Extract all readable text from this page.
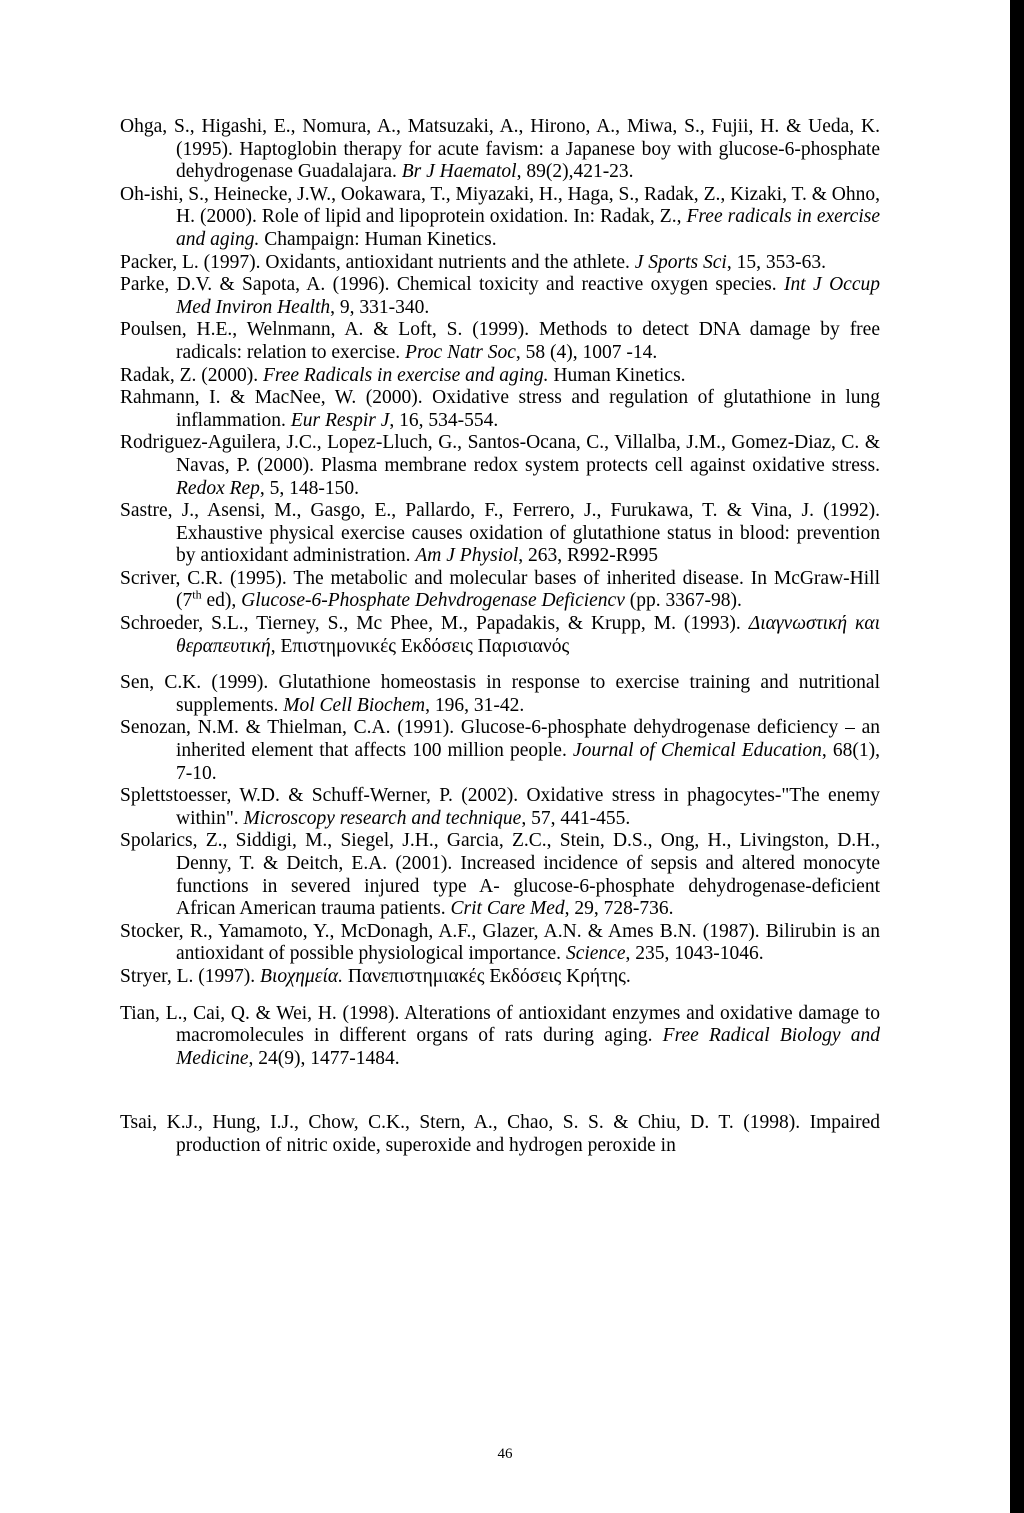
Ohga, S., Higashi, E., Nomura, A., Matsuzaki, A., Hirono, A., Miwa, S., Fujii, H. & Ueda, K. (1995). Haptoglobin therapy for acute favism: a Japanese boy with glucose-6-phosphate dehydrogenase Guadalajara. Br J Haematol, 89(2),421-23.

Oh-ishi, S., Heinecke, J.W., Ookawara, T., Miyazaki, H., Haga, S., Radak, Z., Kizaki, T. & Ohno, H. (2000). Role of lipid and lipoprotein oxidation. In: Radak, Z., Free radicals in exercise and aging. Champaign: Human Kinetics.

Packer, L. (1997). Oxidants, antioxidant nutrients and the athlete. J Sports Sci, 15, 353-63.

Parke, D.V. & Sapota, A. (1996). Chemical toxicity and reactive oxygen species. Int J Occup Med Inviron Health, 9, 331-340.

Poulsen, H.E., Welnmann, A. & Loft, S. (1999). Methods to detect DNA damage by free radicals: relation to exercise. Proc Natr Soc, 58 (4), 1007 -14.

Radak, Z. (2000). Free Radicals in exercise and aging. Human Kinetics.

Rahmann, I. & MacNee, W. (2000). Oxidative stress and regulation of glutathione in lung inflammation. Eur Respir J, 16, 534-554.

Rodriguez-Aguilera, J.C., Lopez-Lluch, G., Santos-Ocana, C., Villalba, J.M., Gomez-Diaz, C. & Navas, P. (2000). Plasma membrane redox system protects cell against oxidative stress. Redox Rep, 5, 148-150.

Sastre, J., Asensi, M., Gasgo, E., Pallardo, F., Ferrero, J., Furukawa, T. & Vina, J. (1992). Exhaustive physical exercise causes oxidation of glutathione status in blood: prevention by antioxidant administration. Am J Physiol, 263, R992-R995

Scriver, C.R. (1995). The metabolic and molecular bases of inherited disease. In McGraw-Hill (7th ed), Glucose-6-Phosphate Dehvdrogenase Deficiencv (pp. 3367-98).

Schroeder, S.L., Tierney, S., Mc Phee, M., Papadakis, & Krupp, M. (1993). Διαγνωστική και θεραπευτική, Επιστημονικές Εκδόσεις Παρισιανός

Sen, C.K. (1999). Glutathione homeostasis in response to exercise training and nutritional supplements. Mol Cell Biochem, 196, 31-42.

Senozan, N.M. & Thielman, C.A. (1991). Glucose-6-phosphate dehydrogenase deficiency – an inherited element that affects 100 million people. Journal of Chemical Education, 68(1), 7-10.

Splettstoesser, W.D. & Schuff-Werner, P. (2002). Oxidative stress in phagocytes-"The enemy within". Microscopy research and technique, 57, 441-455.

Spolarics, Z., Siddigi, M., Siegel, J.H., Garcia, Z.C., Stein, D.S., Ong, H., Livingston, D.H., Denny, T. & Deitch, E.A. (2001). Increased incidence of sepsis and altered monocyte functions in severed injured type A- glucose-6-phosphate dehydrogenase-deficient African American trauma patients. Crit Care Med, 29, 728-736.

Stocker, R., Yamamoto, Y., McDonagh, A.F., Glazer, A.N. & Ames B.N. (1987). Bilirubin is an antioxidant of possible physiological importance. Science, 235, 1043-1046.

Stryer, L. (1997). Βιοχημεία. Πανεπιστημιακές Εκδόσεις Κρήτης.

Tian, L., Cai, Q. & Wei, H. (1998). Alterations of antioxidant enzymes and oxidative damage to macromolecules in different organs of rats during aging. Free Radical Biology and Medicine, 24(9), 1477-1484.

Tsai, K.J., Hung, I.J., Chow, C.K., Stern, A., Chao, S. S. & Chiu, D. T. (1998). Impaired production of nitric oxide, superoxide and hydrogen peroxide in

46
